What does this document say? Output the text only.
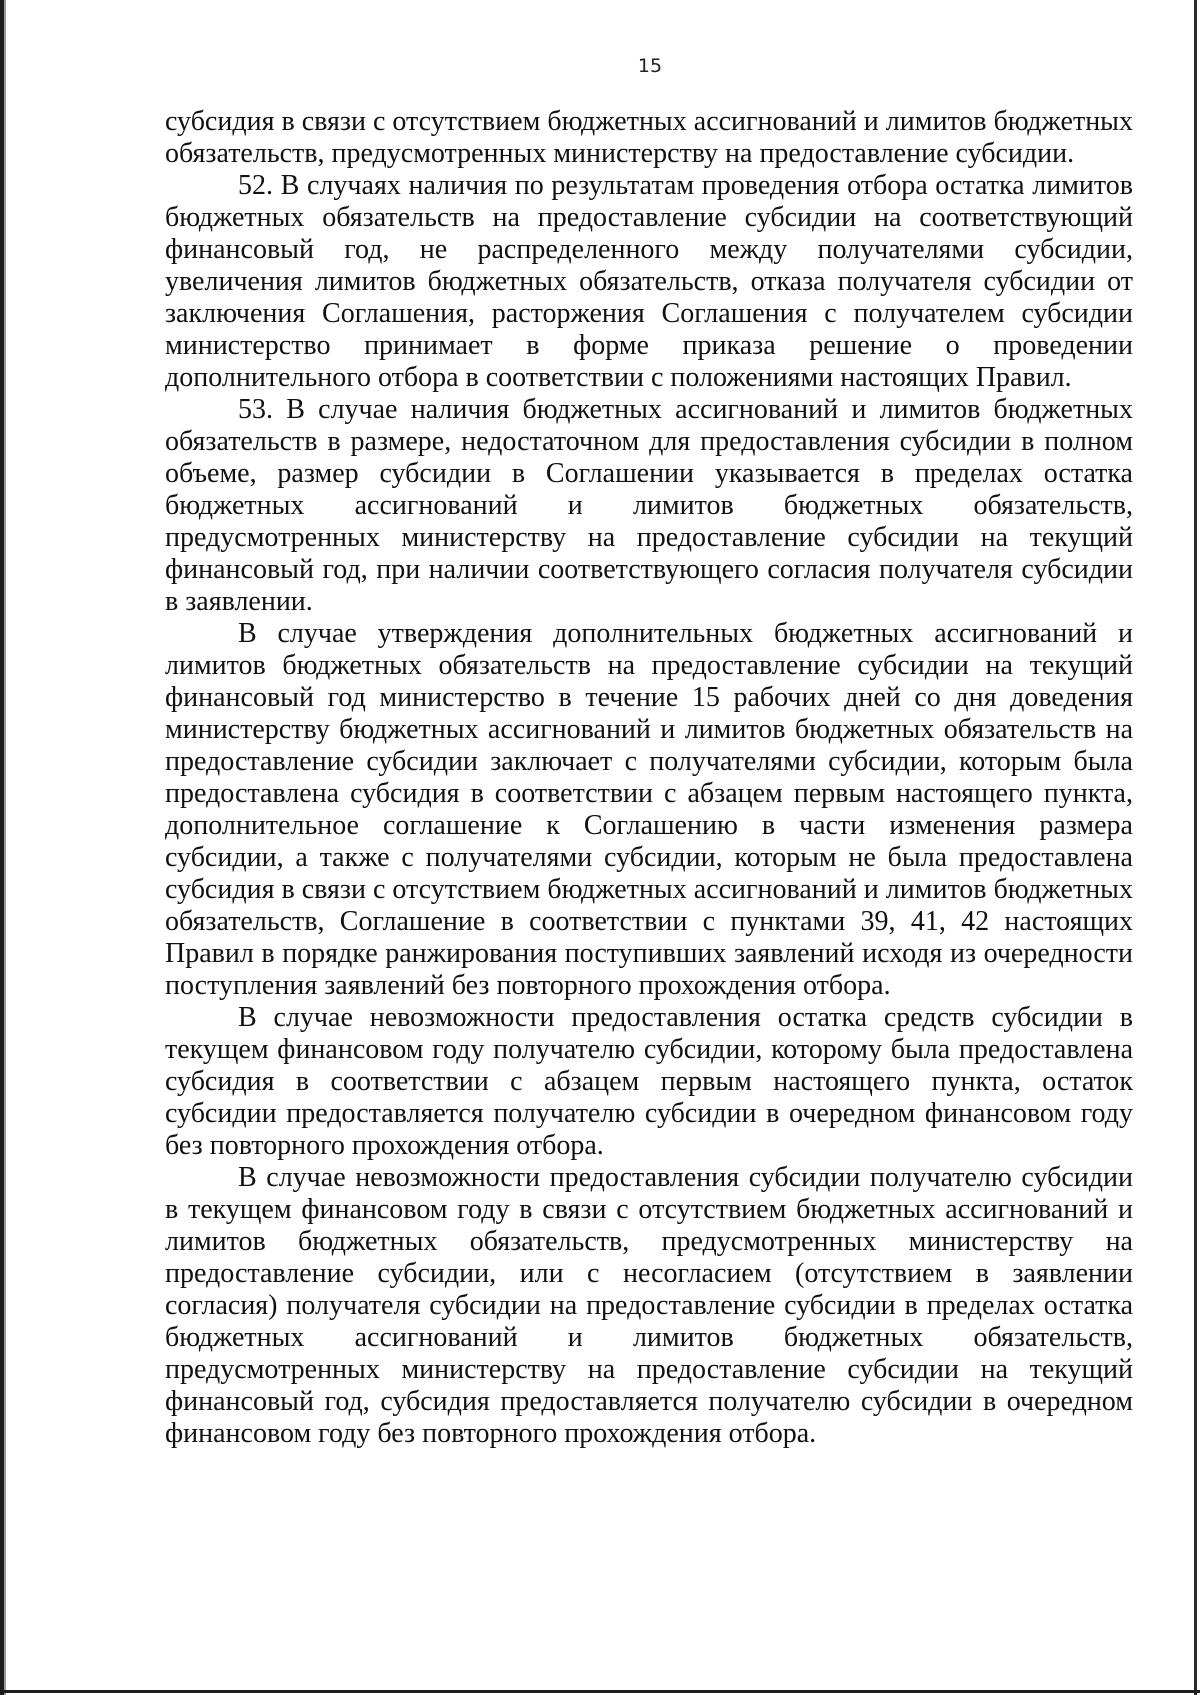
15

субсидия в связи с отсутствием бюджетных ассигнований и лимитов бюджетных обязательств, предусмотренных министерству на предоставление субсидии.

52. В случаях наличия по результатам проведения отбора остатка лимитов бюджетных обязательств на предоставление субсидии на соответствующий финансовый год, не распределенного между получателями субсидии, увеличения лимитов бюджетных обязательств, отказа получателя субсидии от заключения Соглашения, расторжения Соглашения с получателем субсидии министерство принимает в форме приказа решение о проведении дополнительного отбора в соответствии с положениями настоящих Правил.

53. В случае наличия бюджетных ассигнований и лимитов бюджетных обязательств в размере, недостаточном для предоставления субсидии в полном объеме, размер субсидии в Соглашении указывается в пределах остатка бюджетных ассигнований и лимитов бюджетных обязательств, предусмотренных министерству на предоставление субсидии на текущий финансовый год, при наличии соответствующего согласия получателя субсидии в заявлении.

В случае утверждения дополнительных бюджетных ассигнований и лимитов бюджетных обязательств на предоставление субсидии на текущий финансовый год министерство в течение 15 рабочих дней со дня доведения министерству бюджетных ассигнований и лимитов бюджетных обязательств на предоставление субсидии заключает с получателями субсидии, которым была предоставлена субсидия в соответствии с абзацем первым настоящего пункта, дополнительное соглашение к Соглашению в части изменения размера субсидии, а также с получателями субсидии, которым не была предоставлена субсидия в связи с отсутствием бюджетных ассигнований и лимитов бюджетных обязательств, Соглашение в соответствии с пунктами 39, 41, 42 настоящих Правил в порядке ранжирования поступивших заявлений исходя из очередности поступления заявлений без повторного прохождения отбора.

В случае невозможности предоставления остатка средств субсидии в текущем финансовом году получателю субсидии, которому была предоставлена субсидия в соответствии с абзацем первым настоящего пункта, остаток субсидии предоставляется получателю субсидии в очередном финансовом году без повторного прохождения отбора.

В случае невозможности предоставления субсидии получателю субсидии в текущем финансовом году в связи с отсутствием бюджетных ассигнований и лимитов бюджетных обязательств, предусмотренных министерству на предоставление субсидии, или с несогласием (отсутствием в заявлении согласия) получателя субсидии на предоставление субсидии в пределах остатка бюджетных ассигнований и лимитов бюджетных обязательств, предусмотренных министерству на предоставление субсидии на текущий финансовый год, субсидия предоставляется получателю субсидии в очередном финансовом году без повторного прохождения отбора.
